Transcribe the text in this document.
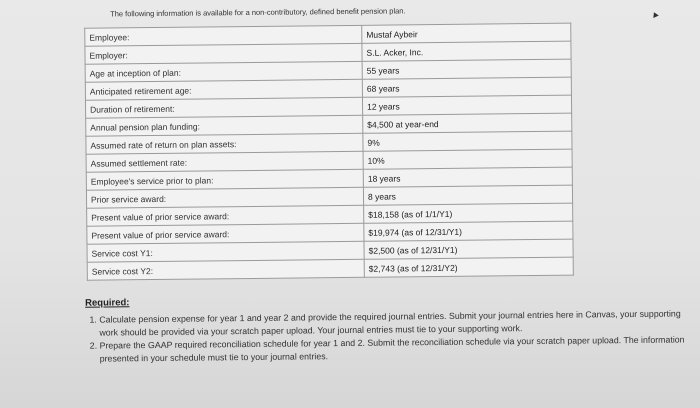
The following information is available for a non-contributory, defined benefit pension plan.
Employee:	Mustaf Aybeir
Employer:	S.L. Acker, Inc.
Age at inception of plan:	55 years
Anticipated retirement age:	68 years
Duration of retirement:	12 years
Annual pension plan funding:	$4,500 at year-end
Assumed rate of return on plan assets:	9%
Assumed settlement rate:	10%
Employee's service prior to plan:	18 years
Prior service award:	8 years
Present value of prior service award:	$18,158 (as of 1/1/Y1)
Present value of prior service award:	$19,974 (as of 12/31/Y1)
Service cost Y1:	$2,500 (as of 12/31/Y1)
Service cost Y2:	$2,743 (as of 12/31/Y2)
Required:
1. Calculate pension expense for year 1 and year 2 and provide the required journal entries. Submit your journal entries here in Canvas, your supporting work should be provided via your scratch paper upload. Your journal entries must tie to your supporting work.
2. Prepare the GAAP required reconciliation schedule for year 1 and 2. Submit the reconciliation schedule via your scratch paper upload. The information presented in your schedule must tie to your journal entries.
